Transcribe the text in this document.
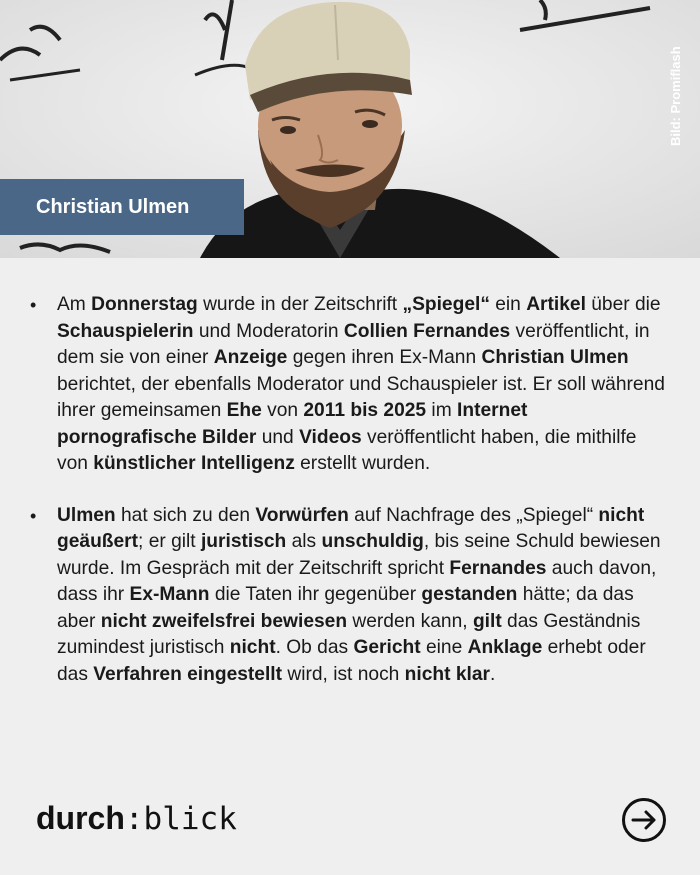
Christian Ulmen
Bild: Promiflash
• Am Donnerstag wurde in der Zeitschrift „Spiegel“ ein Artikel über die Schauspielerin und Moderatorin Collien Fernandes veröffentlicht, in dem sie von einer Anzeige gegen ihren Ex-Mann Christian Ulmen berichtet, der ebenfalls Moderator und Schauspieler ist. Er soll während ihrer gemeinsamen Ehe von 2011 bis 2025 im Internet pornografische Bilder und Videos veröffentlicht haben, die mithilfe von künstlicher Intelligenz erstellt wurden.
• Ulmen hat sich zu den Vorwürfen auf Nachfrage des „Spiegel“ nicht geäußert; er gilt juristisch als unschuldig, bis seine Schuld bewiesen wurde. Im Gespräch mit der Zeitschrift spricht Fernandes auch davon, dass ihr Ex-Mann die Taten ihr gegenüber gestanden hätte; da das aber nicht zweifelsfrei bewiesen werden kann, gilt das Geständnis zumindest juristisch nicht. Ob das Gericht eine Anklage erhebt oder das Verfahren eingestellt wird, ist noch nicht klar.
durch :blick
